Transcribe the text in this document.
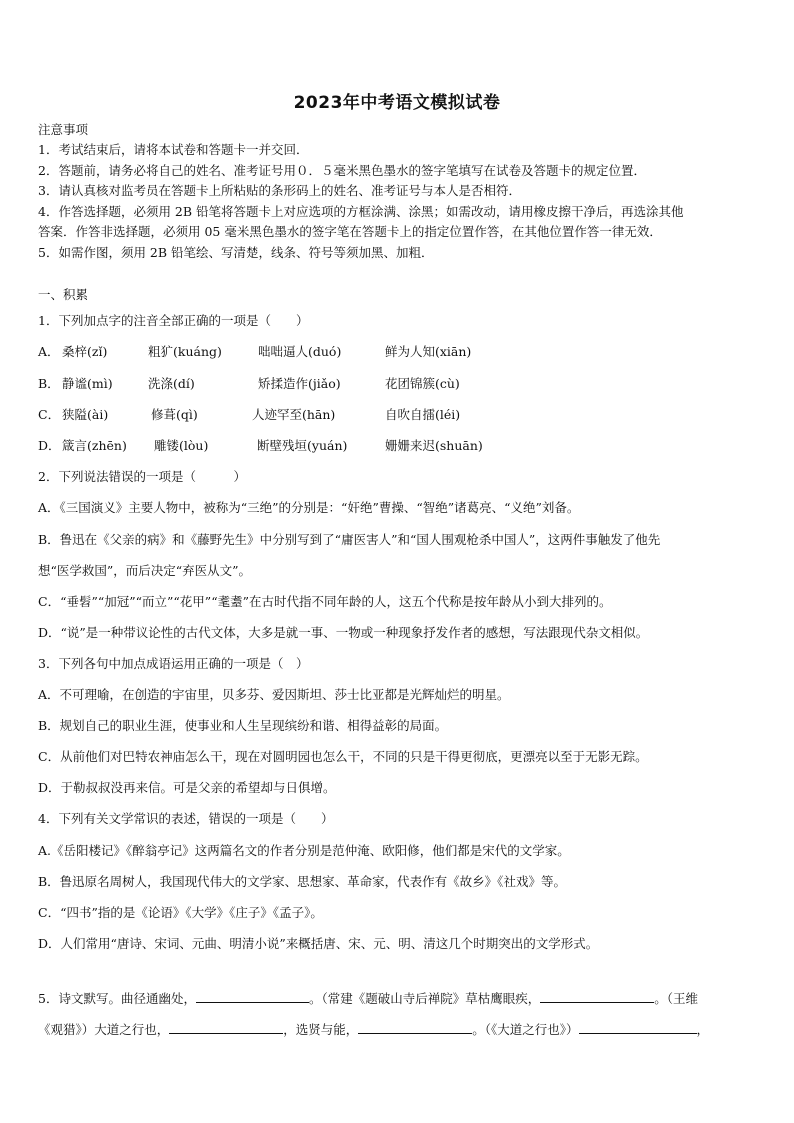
2023年中考语文模拟试卷
注意事项
1．考试结束后，请将本试卷和答题卡一并交回．
2．答题前，请务必将自己的姓名、准考证号用０．５毫米黑色墨水的签字笔填写在试卷及答题卡的规定位置．
3．请认真核对监考员在答题卡上所粘贴的条形码上的姓名、准考证号与本人是否相符．
4．作答选择题，必须用 2B 铅笔将答题卡上对应选项的方框涂满、涂黑；如需改动，请用橡皮擦干净后，再选涂其他
答案．作答非选择题，必须用 05 毫米黑色墨水的签字笔在答题卡上的指定位置作答，在其他位置作答一律无效．
5．如需作图，须用 2B 铅笔绘、写清楚，线条、符号等须加黑、加粗．
一、积累
1．下列加点字的注音全部正确的一项是（　　）
A． 桑梓(zǐ)	粗犷(kuáng)	咄咄逼人(duó)	鲜为人知(xiān)
B． 静谧(mì)	洗涤(dí)	矫揉造作(jiǎo)	花团锦簇(cù)
C． 狭隘(ài)	修葺(qì)	人迹罕至(hān)	自吹自擂(léi)
D． 箴言(zhēn) 雕镂(lòu)	断壁残垣(yuán)	姗姗来迟(shuān)
2．下列说法错误的一项是（　　　）
A．《三国演义》主要人物中，被称为“三绝”的分别是：“奸绝”曹操、“智绝”诸葛亮、“义绝”刘备。
B．鲁迅在《父亲的病》和《藤野先生》中分别写到了“庸医害人”和“国人围观枪杀中国人”，这两件事触发了他先
想“医学救国”，而后决定“弃医从文”。
C．“垂髫”“加冠”“而立”“花甲”“耄耋”在古时代指不同年龄的人，这五个代称是按年龄从小到大排列的。
D．“说”是一种带议论性的古代文体，大多是就一事、一物或一种现象抒发作者的感想，写法跟现代杂文相似。
3．下列各句中加点成语运用正确的一项是（　）
A．不可理喻，在创造的宇宙里，贝多芬、爱因斯坦、莎士比亚都是光辉灿烂的明星。
B．规划自己的职业生涯，使事业和人生呈现缤纷和谐、相得益彰的局面。
C．从前他们对巴特农神庙怎么干，现在对圆明园也怎么干，不同的只是干得更彻底，更漂亮以至于无影无踪。
D．于勒叔叔没再来信。可是父亲的希望却与日俱增。
4．下列有关文学常识的表述，错误的一项是（　　）
A.《岳阳楼记》《醉翁亭记》这两篇名文的作者分别是范仲淹、欧阳修，他们都是宋代的文学家。
B．鲁迅原名周树人，我国现代伟大的文学家、思想家、革命家，代表作有《故乡》《社戏》等。
C．“四书”指的是《论语》《大学》《庄子》《孟子》。
D．人们常用“唐诗、宋词、元曲、明清小说”来概括唐、宋、元、明、清这几个时期突出的文学形式。
5．诗文默写。曲径通幽处，	。（常建《题破山寺后禅院》草枯鹰眼疾，	。（王维
《观猎》）大道之行也，	，选贤与能，	。（《大道之行也》）	，
